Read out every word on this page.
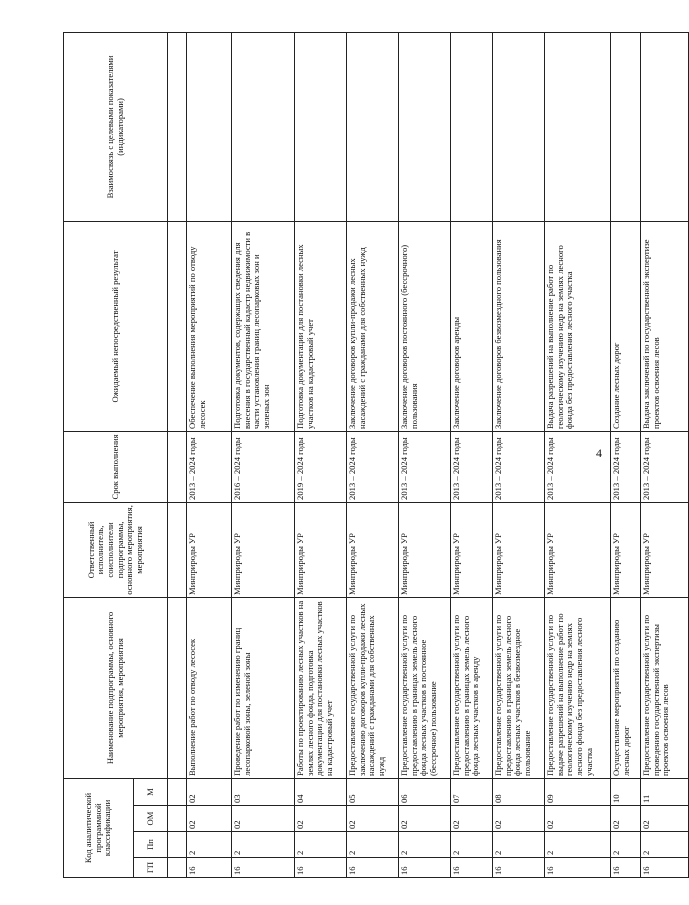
4
Код аналитической программной классификации				Наименование подпрограммы, основного мероприятия, мероприятия	Ответственный исполнитель, соисполнители подпрограммы, основного мероприятия, мероприятия	Срок выполнения	Ожидаемый непосредственный результат	Взаимосвязь с целевыми показателями (индикаторами)
ГП	Пп	ОМ	М					

16	2	02	02	Выполнение работ по отводу лесосек	Минприроды УР	2013 – 2024 годы	Обеспечение выполнения мероприятий по отводу лесосек	
16	2	02	03	Проведение работ по изменению границ лесопарковой зоны, зеленой зоны	Минприроды УР	2016 – 2024 годы	Подготовка документов, содержащих сведения для внесения в государственный кадастр недвижимости в части установления границ лесопарковых зон и зеленых зон	
16	2	02	04	Работы по проектированию лесных участков на землях лесного фонда, подготовка документации для постановки лесных участков на кадастровый учет	Минприроды УР	2019 – 2024 годы	Подготовка документации для постановки лесных участков на кадастровый учет	
16	2	02	05	Предоставление государственной услуги по заключению договоров купли-продажи лесных насаждений с гражданами для собственных нужд	Минприроды УР	2013 – 2024 годы	Заключение договоров купли-продажи лесных насаждений с гражданами для собственных нужд	
16	2	02	06	Предоставление государственной услуги по предоставлению в границах земель лесного фонда лесных участков в постоянное (бессрочное) пользование	Минприроды УР	2013 – 2024 годы	Заключение договоров постоянного (бессрочного) пользования	
16	2	02	07	Предоставление государственной услуги по предоставлению в границах земель лесного фонда лесных участков в аренду	Минприроды УР	2013 – 2024 годы	Заключение договоров аренды	
16	2	02	08	Предоставление государственной услуги по предоставлению в границах земель лесного фонда лесных участков в безвозмездное пользование	Минприроды УР	2013 – 2024 годы	Заключение договоров безвозмездного пользования	
16	2	02	09	Предоставление государственной услуги по выдаче разрешений на выполнение работ по геологическому изучению недр на землях лесного фонда без предоставления лесного участка	Минприроды УР	2013 – 2024 годы	Выдача разрешений на выполнение работ по геологическому изучению недр на землях лесного фонда без предоставления лесного участка	
16	2	02	10	Осуществление мероприятий по созданию лесных дорог	Минприроды УР	2013 – 2024 годы	Создание лесных дорог	
16	2	02	11	Предоставление государственной услуги по проведению государственной экспертизы проектов освоения лесов	Минприроды УР	2013 – 2024 годы	Выдача заключений по государственной экспертизе проектов освоения лесов	
